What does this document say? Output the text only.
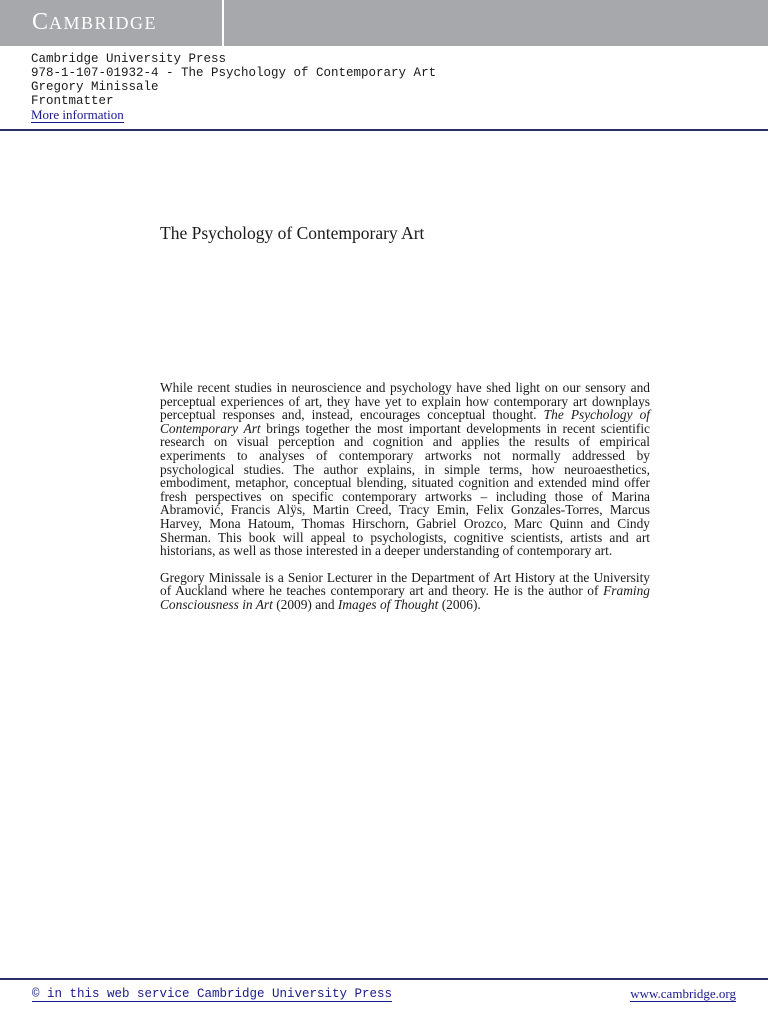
CAMBRIDGE
Cambridge University Press
978-1-107-01932-4 - The Psychology of Contemporary Art
Gregory Minissale
Frontmatter
More information
The Psychology of Contemporary Art

While recent studies in neuroscience and psychology have shed light on our sensory and perceptual experiences of art, they have yet to explain how contemporary art downplays perceptual responses and, instead, encourages conceptual thought. The Psychology of Contemporary Art brings together the most important developments in recent scientific research on visual perception and cognition and applies the results of empirical experiments to analyses of contemporary artworks not normally addressed by psychological studies. The author explains, in simple terms, how neuroaesthetics, embodiment, metaphor, conceptual blending, situated cognition and extended mind offer fresh perspectives on specific contemporary artworks – including those of Marina Abramović, Francis Alÿs, Martin Creed, Tracy Emin, Felix Gonzales-Torres, Marcus Harvey, Mona Hatoum, Thomas Hirschorn, Gabriel Orozco, Marc Quinn and Cindy Sherman. This book will appeal to psychologists, cognitive scientists, artists and art historians, as well as those interested in a deeper understanding of contemporary art.

Gregory Minissale is a Senior Lecturer in the Department of Art History at the University of Auckland where he teaches contemporary art and theory. He is the author of Framing Consciousness in Art (2009) and Images of Thought (2006).

© in this web service Cambridge University Press	www.cambridge.org
